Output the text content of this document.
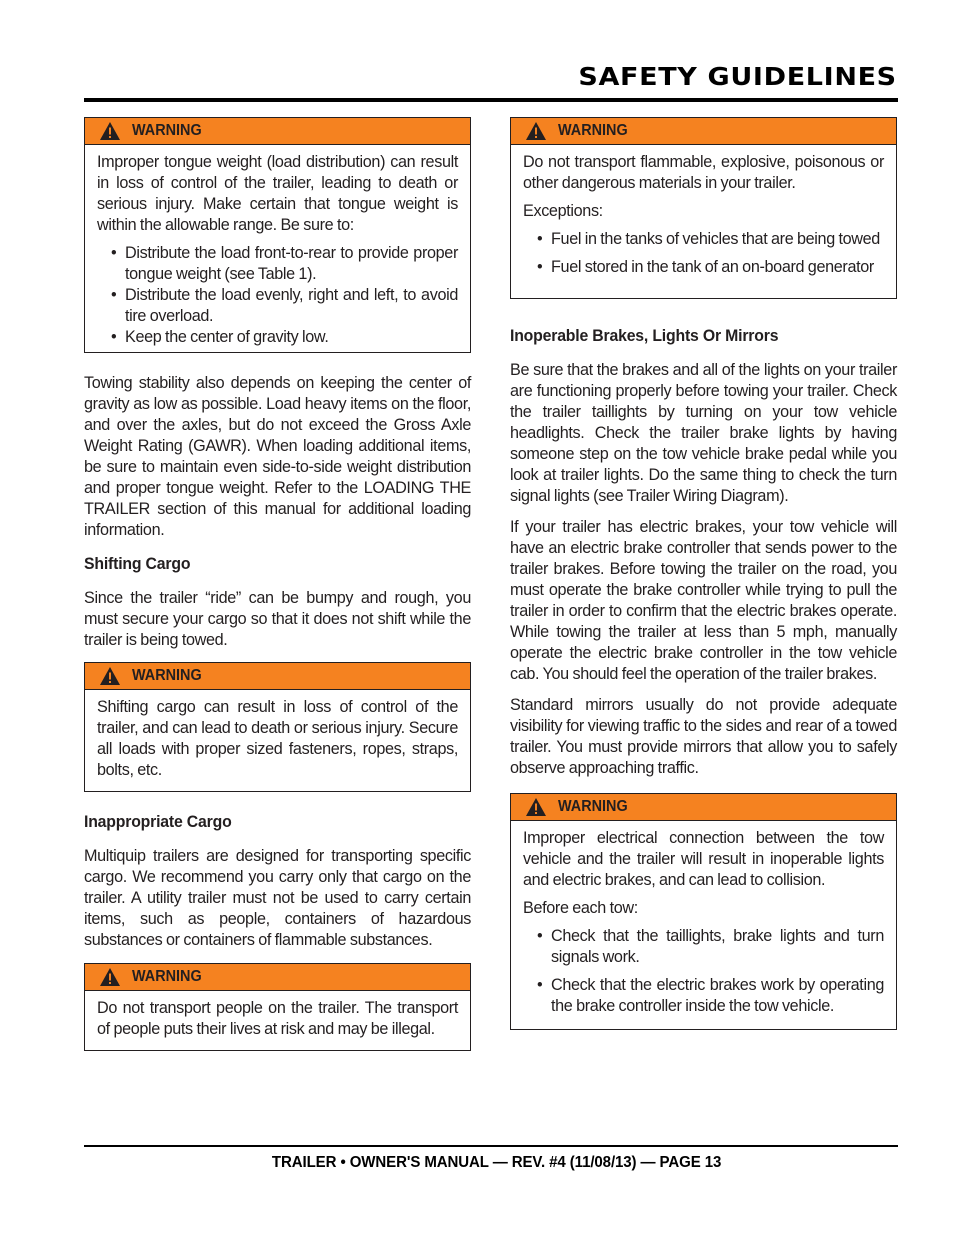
SAFETY GUIDELINES
WARNING

Improper tongue weight (load distribution) can result in loss of control of the trailer, leading to death or serious injury. Make certain that tongue weight is within the allowable range. Be sure to:

• Distribute the load front-to-rear to provide proper tongue weight (see Table 1).
• Distribute the load evenly, right and left, to avoid tire overload.
• Keep the center of gravity low.

Towing stability also depends on keeping the center of gravity as low as possible. Load heavy items on the floor, and over the axles, but do not exceed the Gross Axle Weight Rating (GAWR). When loading additional items, be sure to maintain even side-to-side weight distribution and proper tongue weight. Refer to the LOADING THE TRAILER section of this manual for additional loading information.

Shifting Cargo

Since the trailer “ride” can be bumpy and rough, you must secure your cargo so that it does not shift while the trailer is being towed.

WARNING

Shifting cargo can result in loss of control of the trailer, and can lead to death or serious injury. Secure all loads with proper sized fasteners, ropes, straps, bolts, etc.

Inappropriate Cargo

Multiquip trailers are designed for transporting specific cargo. We recommend you carry only that cargo on the trailer. A utility trailer must not be used to carry certain items, such as people, containers of hazardous substances or containers of flammable substances.

WARNING

Do not transport people on the trailer. The transport of people puts their lives at risk and may be illegal.

WARNING

Do not transport flammable, explosive, poisonous or other dangerous materials in your trailer.

Exceptions:

• Fuel in the tanks of vehicles that are being towed
• Fuel stored in the tank of an on-board generator
Inoperable Brakes, Lights Or Mirrors

Be sure that the brakes and all of the lights on your trailer are functioning properly before towing your trailer. Check the trailer taillights by turning on your tow vehicle headlights. Check the trailer brake lights by having someone step on the tow vehicle brake pedal while you look at trailer lights. Do the same thing to check the turn signal lights (see Trailer Wiring Diagram).

If your trailer has electric brakes, your tow vehicle will have an electric brake controller that sends power to the trailer brakes. Before towing the trailer on the road, you must operate the brake controller while trying to pull the trailer in order to confirm that the electric brakes operate. While towing the trailer at less than 5 mph, manually operate the electric brake controller in the tow vehicle cab. You should feel the operation of the trailer brakes.

Standard mirrors usually do not provide adequate visibility for viewing traffic to the sides and rear of a towed trailer. You must provide mirrors that allow you to safely observe approaching traffic.

WARNING

Improper electrical connection between the tow vehicle and the trailer will result in inoperable lights and electric brakes, and can lead to collision.

Before each tow:

• Check that the taillights, brake lights and turn signals work.
• Check that the electric brakes work by operating the brake controller inside the tow vehicle.
TRAILER • OWNER'S MANUAL — REV. #4 (11/08/13) — PAGE 13
